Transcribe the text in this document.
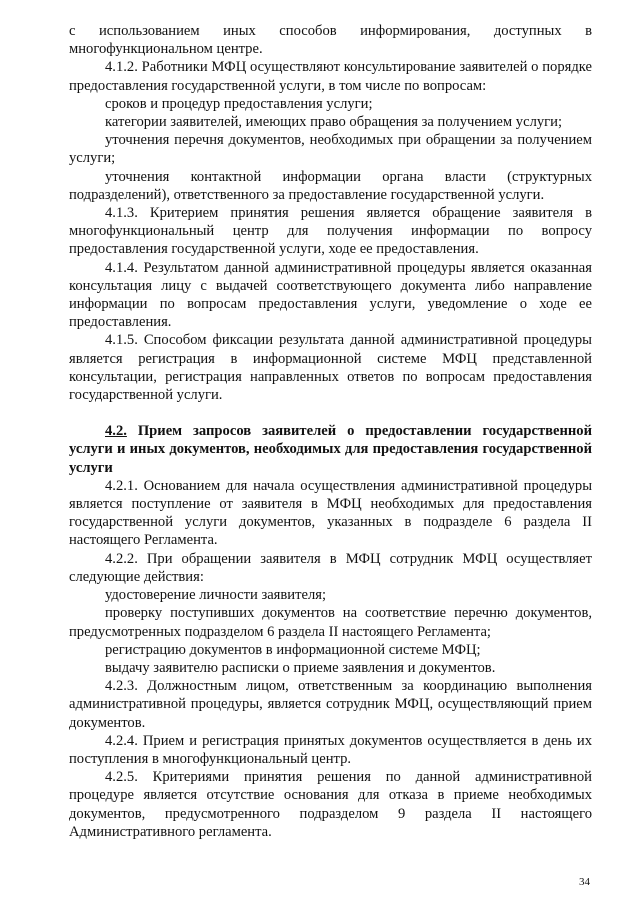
с использованием иных способов информирования, доступных в многофункциональном центре.

4.1.2. Работники МФЦ осуществляют консультирование заявителей о порядке предоставления государственной услуги, в том числе по вопросам:

сроков и процедур предоставления услуги;

категории заявителей, имеющих право обращения за получением услуги;

уточнения перечня документов, необходимых при обращении за получением услуги;

уточнения контактной информации органа власти (структурных подразделений), ответственного за предоставление государственной услуги.

4.1.3. Критерием принятия решения является обращение заявителя в многофункциональный центр для получения информации по вопросу предоставления государственной услуги, ходе ее предоставления.

4.1.4. Результатом данной административной процедуры является оказанная консультация лицу с выдачей соответствующего документа либо направление информации по вопросам предоставления услуги, уведомление о ходе ее предоставления.

4.1.5. Способом фиксации результата данной административной процедуры является регистрация в информационной системе МФЦ представленной консультации, регистрация направленных ответов по вопросам предоставления государственной услуги.

4.2. Прием запросов заявителей о предоставлении государственной услуги и иных документов, необходимых для предоставления государственной услуги

4.2.1. Основанием для начала осуществления административной процедуры является поступление от заявителя в МФЦ необходимых для предоставления государственной услуги документов, указанных в подразделе 6 раздела II настоящего Регламента.

4.2.2. При обращении заявителя в МФЦ сотрудник МФЦ осуществляет следующие действия:

удостоверение личности заявителя;

проверку поступивших документов на соответствие перечню документов, предусмотренных подразделом 6 раздела II настоящего Регламента;

регистрацию документов в информационной системе МФЦ;

выдачу заявителю расписки о приеме заявления и документов.

4.2.3. Должностным лицом, ответственным за координацию выполнения административной процедуры, является сотрудник МФЦ, осуществляющий прием документов.

4.2.4. Прием и регистрация принятых документов осуществляется в день их поступления в многофункциональный центр.

4.2.5. Критериями принятия решения по данной административной процедуре является отсутствие основания для отказа в приеме необходимых документов, предусмотренного подразделом 9 раздела II настоящего Административного регламента.

34
